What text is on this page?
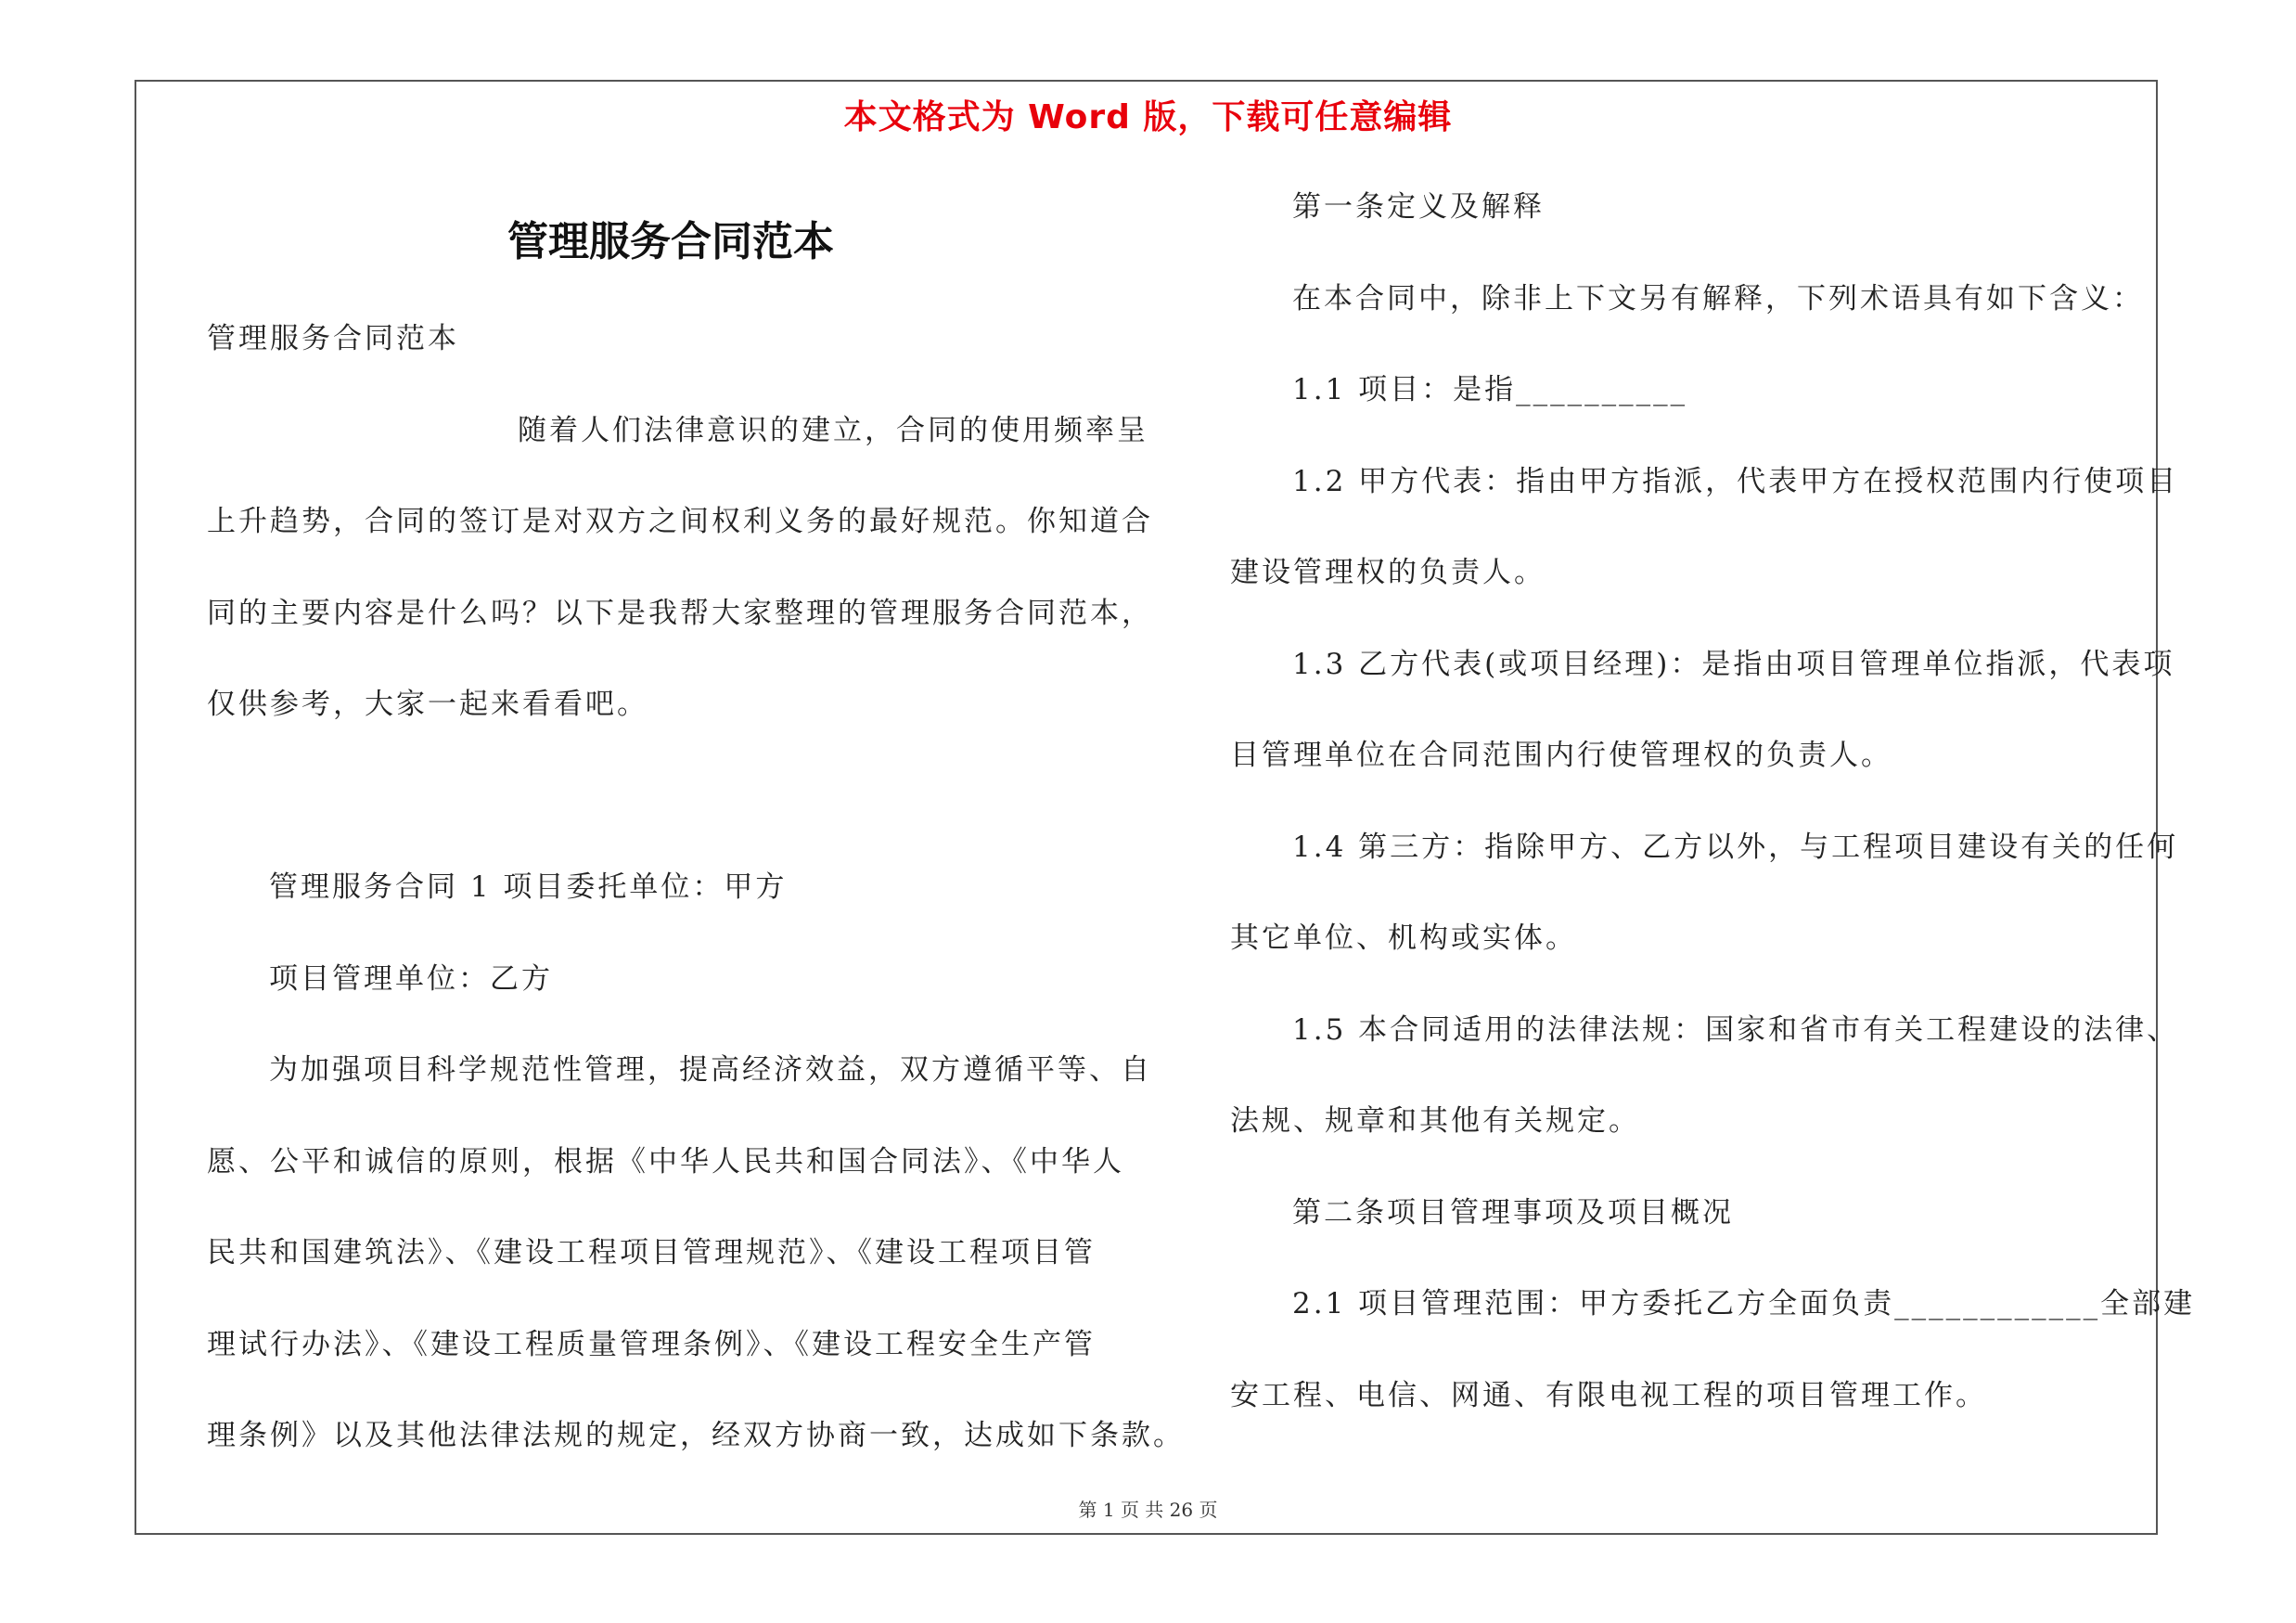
本文格式为 Word 版，下载可任意编辑
管理服务合同范本
管理服务合同范本
随着人们法律意识的建立，合同的使用频率呈
上升趋势，合同的签订是对双方之间权利义务的最好规范。你知道合
同的主要内容是什么吗？以下是我帮大家整理的管理服务合同范本，
仅供参考，大家一起来看看吧。
管理服务合同 1 项目委托单位：甲方
项目管理单位：乙方
为加强项目科学规范性管理，提高经济效益，双方遵循平等、自
愿、公平和诚信的原则，根据《中华人民共和国合同法》、《中华人
民共和国建筑法》、《建设工程项目管理规范》、《建设工程项目管
理试行办法》、《建设工程质量管理条例》、《建设工程安全生产管
理条例》以及其他法律法规的规定，经双方协商一致，达成如下条款。
第一条定义及解释
在本合同中，除非上下文另有解释，下列术语具有如下含义：
1.1 项目：是指__________
1.2 甲方代表：指由甲方指派，代表甲方在授权范围内行使项目
建设管理权的负责人。
1.3 乙方代表(或项目经理)：是指由项目管理单位指派，代表项
目管理单位在合同范围内行使管理权的负责人。
1.4 第三方：指除甲方、乙方以外，与工程项目建设有关的任何
其它单位、机构或实体。
1.5 本合同适用的法律法规：国家和省市有关工程建设的法律、
法规、规章和其他有关规定。
第二条项目管理事项及项目概况
2.1 项目管理范围：甲方委托乙方全面负责____________全部建
安工程、电信、网通、有限电视工程的项目管理工作。
第 1 页 共 26 页
